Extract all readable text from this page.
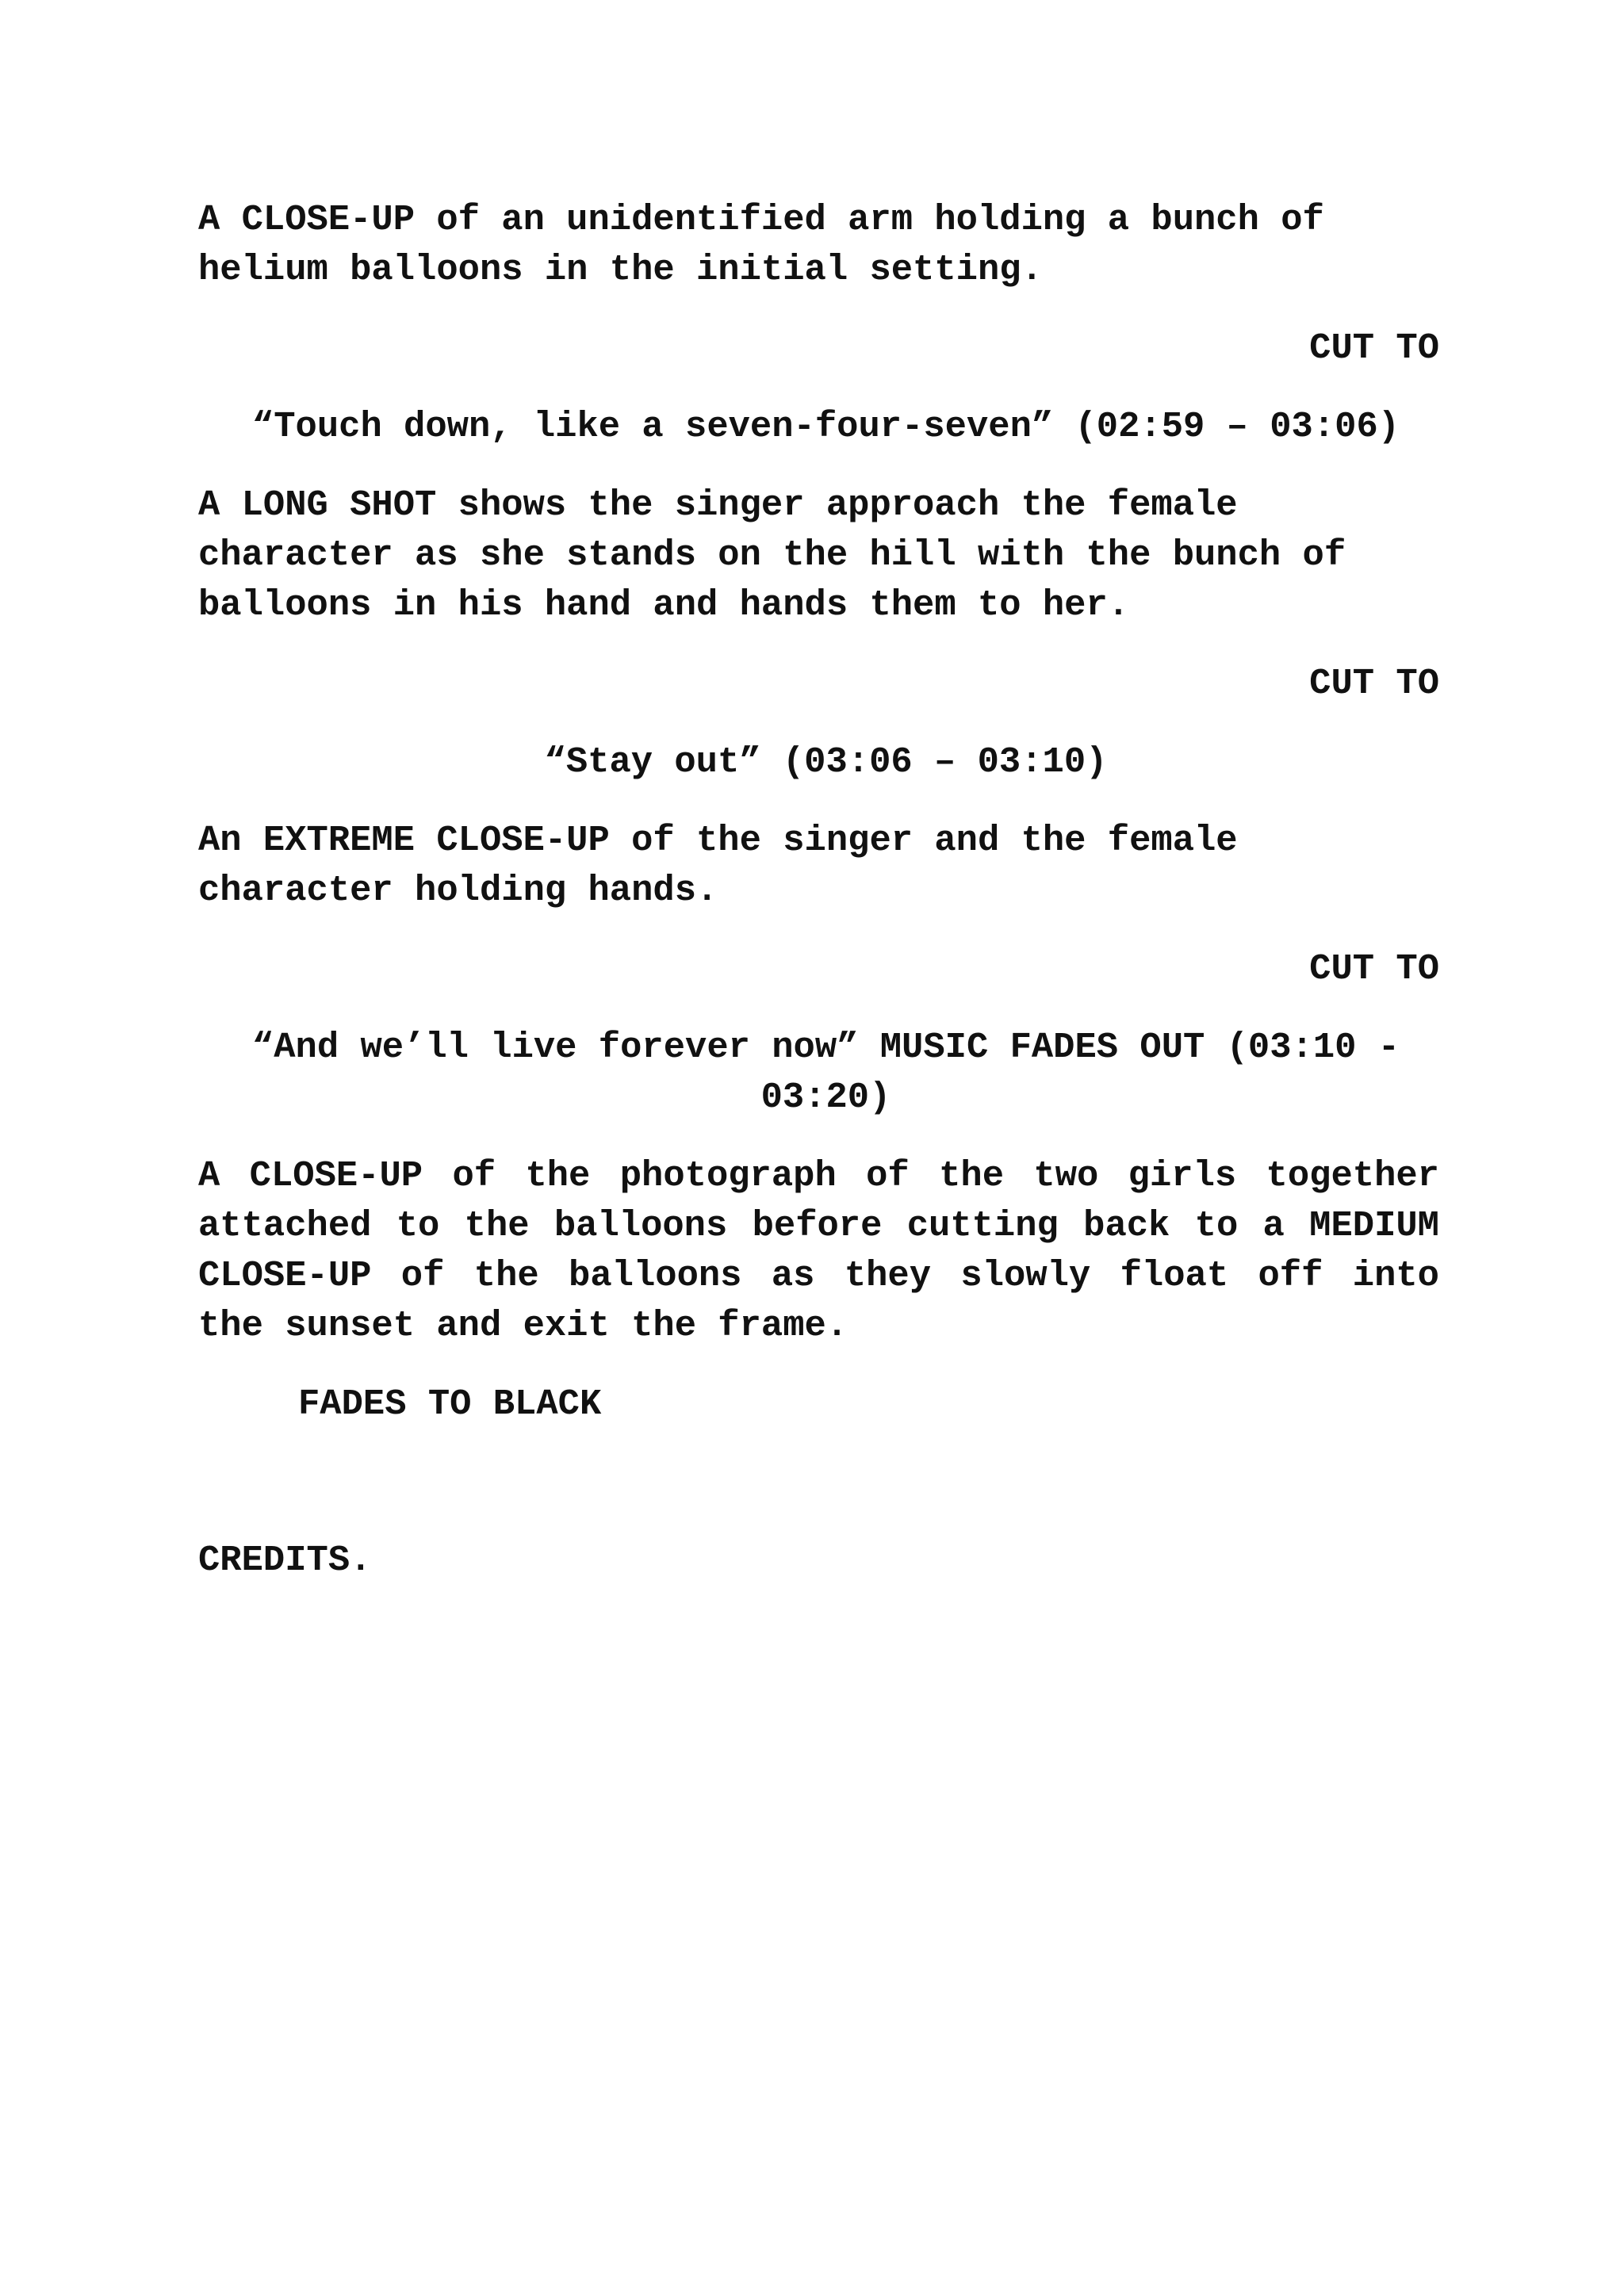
A CLOSE-UP of an unidentified arm holding a bunch of
helium balloons in the initial setting.
CUT TO
“Touch down, like a seven-four-seven” (02:59 – 03:06)
A LONG SHOT shows the singer approach the female
character as she stands on the hill with the bunch of
balloons in his hand and hands them to her.
CUT TO
“Stay out” (03:06 – 03:10)
An EXTREME CLOSE-UP of the singer and the female
character holding hands.
CUT TO
“And we’ll live forever now” MUSIC FADES OUT (03:10 - 03:20)
A CLOSE-UP of the photograph of the two girls together attached to the balloons before cutting back to a MEDIUM CLOSE-UP of the balloons as they slowly float off into the sunset and exit the frame.
FADES TO BLACK
CREDITS.
